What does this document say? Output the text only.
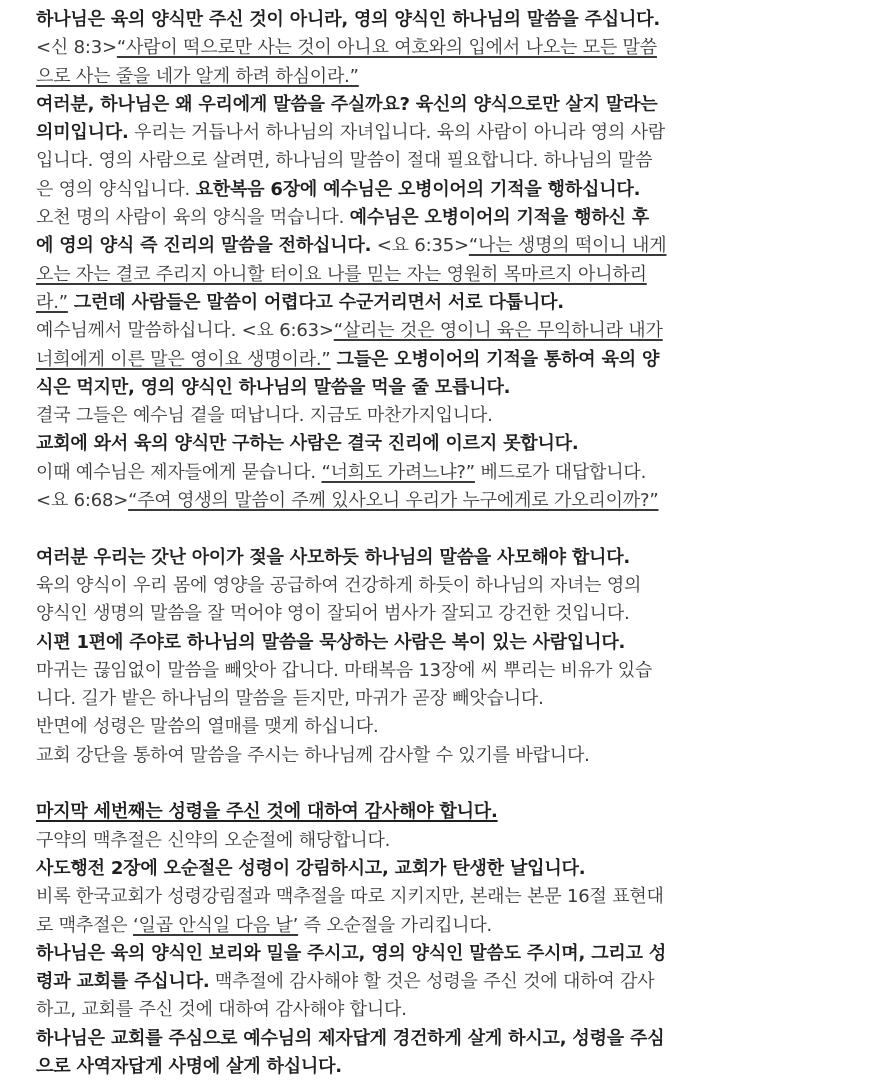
하나님은 육의 양식만 주신 것이 아니라, 영의 양식인 하나님의 말씀을 주십니다.
<신 8:3>“사람이 떡으로만 사는 것이 아니요 여호와의 입에서 나오는 모든 말씀
으로 사는 줄을 네가 알게 하려 하심이라.”
여러분, 하나님은 왜 우리에게 말씀을 주실까요? 육신의 양식으로만 살지 말라는
의미입니다. 우리는 거듭나서 하나님의 자녀입니다. 육의 사람이 아니라 영의 사람
입니다. 영의 사람으로 살려면, 하나님의 말씀이 절대 필요합니다. 하나님의 말씀
은 영의 양식입니다. 요한복음 6장에 예수님은 오병이어의 기적을 행하십니다.
오천 명의 사람이 육의 양식을 먹습니다. 예수님은 오병이어의 기적을 행하신 후
에 영의 양식 즉 진리의 말씀을 전하십니다. <요 6:35>“나는 생명의 떡이니 내게
오는 자는 결코 주리지 아니할 터이요 나를 믿는 자는 영원히 목마르지 아니하리
라.” 그런데 사람들은 말씀이 어렵다고 수군거리면서 서로 다툽니다.
예수님께서 말씀하십니다. <요 6:63>“살리는 것은 영이니 육은 무익하니라 내가
너희에게 이른 말은 영이요 생명이라.” 그들은 오병이어의 기적을 통하여 육의 양
식은 먹지만, 영의 양식인 하나님의 말씀을 먹을 줄 모릅니다.
결국 그들은 예수님 곁을 떠납니다. 지금도 마찬가지입니다.
교회에 와서 육의 양식만 구하는 사람은 결국 진리에 이르지 못합니다.
이때 예수님은 제자들에게 묻습니다. “너희도 가려느냐?” 베드로가 대답합니다.
<요 6:68>“주여 영생의 말씀이 주께 있사오니 우리가 누구에게로 가오리이까?”
여러분 우리는 갓난 아이가 젖을 사모하듯 하나님의 말씀을 사모해야 합니다.
육의 양식이 우리 몸에 영양을 공급하여 건강하게 하듯이 하나님의 자녀는 영의
양식인 생명의 말씀을 잘 먹어야 영이 잘되어 범사가 잘되고 강건한 것입니다.
시편 1편에 주야로 하나님의 말씀을 묵상하는 사람은 복이 있는 사람입니다.
마귀는 끊임없이 말씀을 빼앗아 갑니다. 마태복음 13장에 씨 뿌리는 비유가 있습
니다. 길가 밭은 하나님의 말씀을 듣지만, 마귀가 곧장 빼앗습니다.
반면에 성령은 말씀의 열매를 맺게 하십니다.
교회 강단을 통하여 말씀을 주시는 하나님께 감사할 수 있기를 바랍니다.
마지막 세번째는 성령을 주신 것에 대하여 감사해야 합니다.
구약의 맥추절은 신약의 오순절에 해당합니다.
사도행전 2장에 오순절은 성령이 강림하시고, 교회가 탄생한 날입니다.
비록 한국교회가 성령강림절과 맥추절을 따로 지키지만, 본래는 본문 16절 표현대
로 맥추절은 ‘일곱 안식일 다음 날’ 즉 오순절을 가리킵니다.
하나님은 육의 양식인 보리와 밀을 주시고, 영의 양식인 말씀도 주시며, 그리고 성
령과 교회를 주십니다. 맥추절에 감사해야 할 것은 성령을 주신 것에 대하여 감사
하고, 교회를 주신 것에 대하여 감사해야 합니다.
하나님은 교회를 주심으로 예수님의 제자답게 경건하게 살게 하시고, 성령을 주심
으로 사역자답게 사명에 살게 하십니다.
